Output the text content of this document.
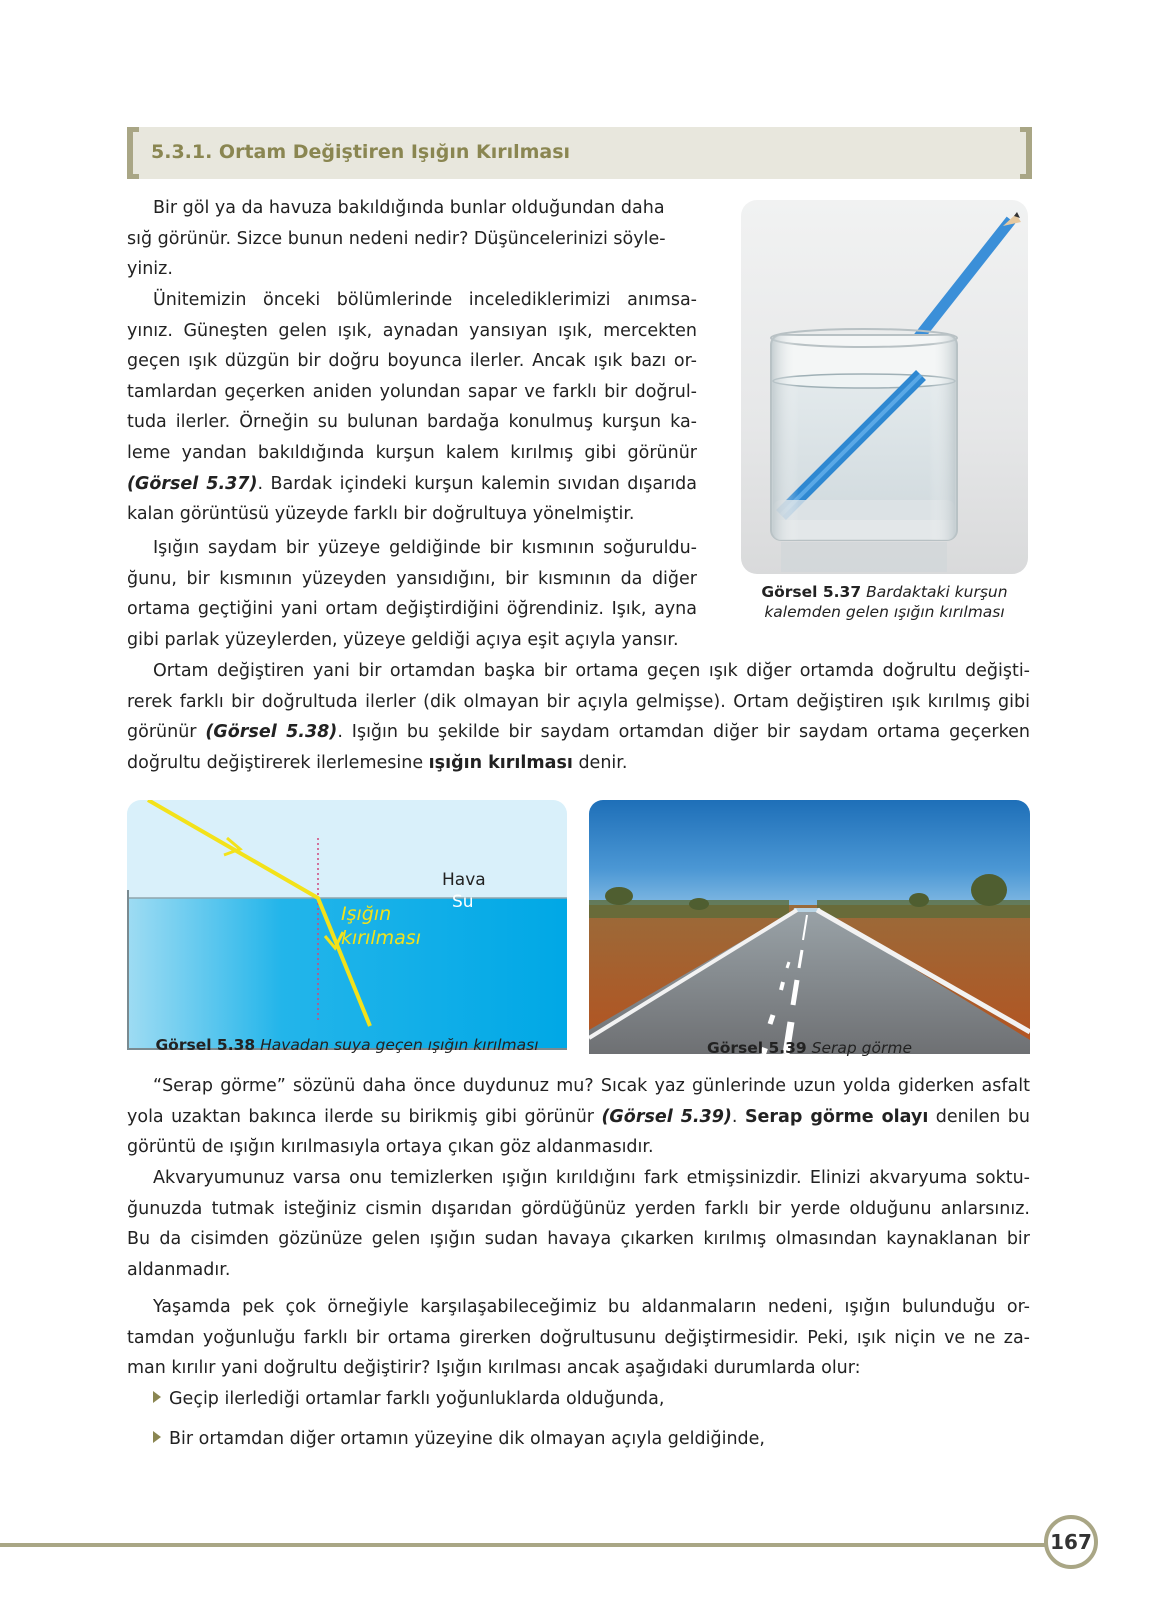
5.3.1. Ortam Değiştiren Işığın Kırılması
Bir göl ya da havuza bakıldığında bunlar olduğundan daha
sığ görünür. Sizce bunun nedeni nedir? Düşüncelerinizi söyle-
yiniz.
Ünitemizin önceki bölümlerinde incelediklerimizi anımsa-
yınız. Güneşten gelen ışık, aynadan yansıyan ışık, mercekten
geçen ışık düzgün bir doğru boyunca ilerler. Ancak ışık bazı or-
tamlardan geçerken aniden yolundan sapar ve farklı bir doğrul-
tuda ilerler. Örneğin su bulunan bardağa konulmuş kurşun ka-
leme yandan bakıldığında kurşun kalem kırılmış gibi görünür
(Görsel 5.37). Bardak içindeki kurşun kalemin sıvıdan dışarıda
kalan görüntüsü yüzeyde farklı bir doğrultuya yönelmiştir.
Işığın saydam bir yüzeye geldiğinde bir kısmının soğuruldu-
ğunu, bir kısmının yüzeyden yansıdığını, bir kısmının da diğer
ortama geçtiğini yani ortam değiştirdiğini öğrendiniz. Işık, ayna
gibi parlak yüzeylerden, yüzeye geldiği açıya eşit açıyla yansır.
Görsel 5.37 Bardaktaki kurşun
kalemden gelen ışığın kırılması
Ortam değiştiren yani bir ortamdan başka bir ortama geçen ışık diğer ortamda doğrultu değişti-
rerek farklı bir doğrultuda ilerler (dik olmayan bir açıyla gelmişse). Ortam değiştiren ışık kırılmış gibi
görünür (Görsel 5.38). Işığın bu şekilde bir saydam ortamdan diğer bir saydam ortama geçerken
doğrultu değiştirerek ilerlemesine ışığın kırılması denir.
Hava
Su
Işığın
kırılması
Görsel 5.38 Havadan suya geçen ışığın kırılması	Görsel 5.39 Serap görme
“Serap görme” sözünü daha önce duydunuz mu? Sıcak yaz günlerinde uzun yolda giderken asfalt
yola uzaktan bakınca ilerde su birikmiş gibi görünür (Görsel 5.39). Serap görme olayı denilen bu
görüntü de ışığın kırılmasıyla ortaya çıkan göz aldanmasıdır.
Akvaryumunuz varsa onu temizlerken ışığın kırıldığını fark etmişsinizdir. Elinizi akvaryuma soktu-
ğunuzda tutmak isteğiniz cismin dışarıdan gördüğünüz yerden farklı bir yerde olduğunu anlarsınız.
Bu da cisimden gözünüze gelen ışığın sudan havaya çıkarken kırılmış olmasından kaynaklanan bir
aldanmadır.
Yaşamda pek çok örneğiyle karşılaşabileceğimiz bu aldanmaların nedeni, ışığın bulunduğu or-
tamdan yoğunluğu farklı bir ortama girerken doğrultusunu değiştirmesidir. Peki, ışık niçin ve ne za-
man kırılır yani doğrultu değiştirir? Işığın kırılması ancak aşağıdaki durumlarda olur:
Geçip ilerlediği ortamlar farklı yoğunluklarda olduğunda,
Bir ortamdan diğer ortamın yüzeyine dik olmayan açıyla geldiğinde,
167
